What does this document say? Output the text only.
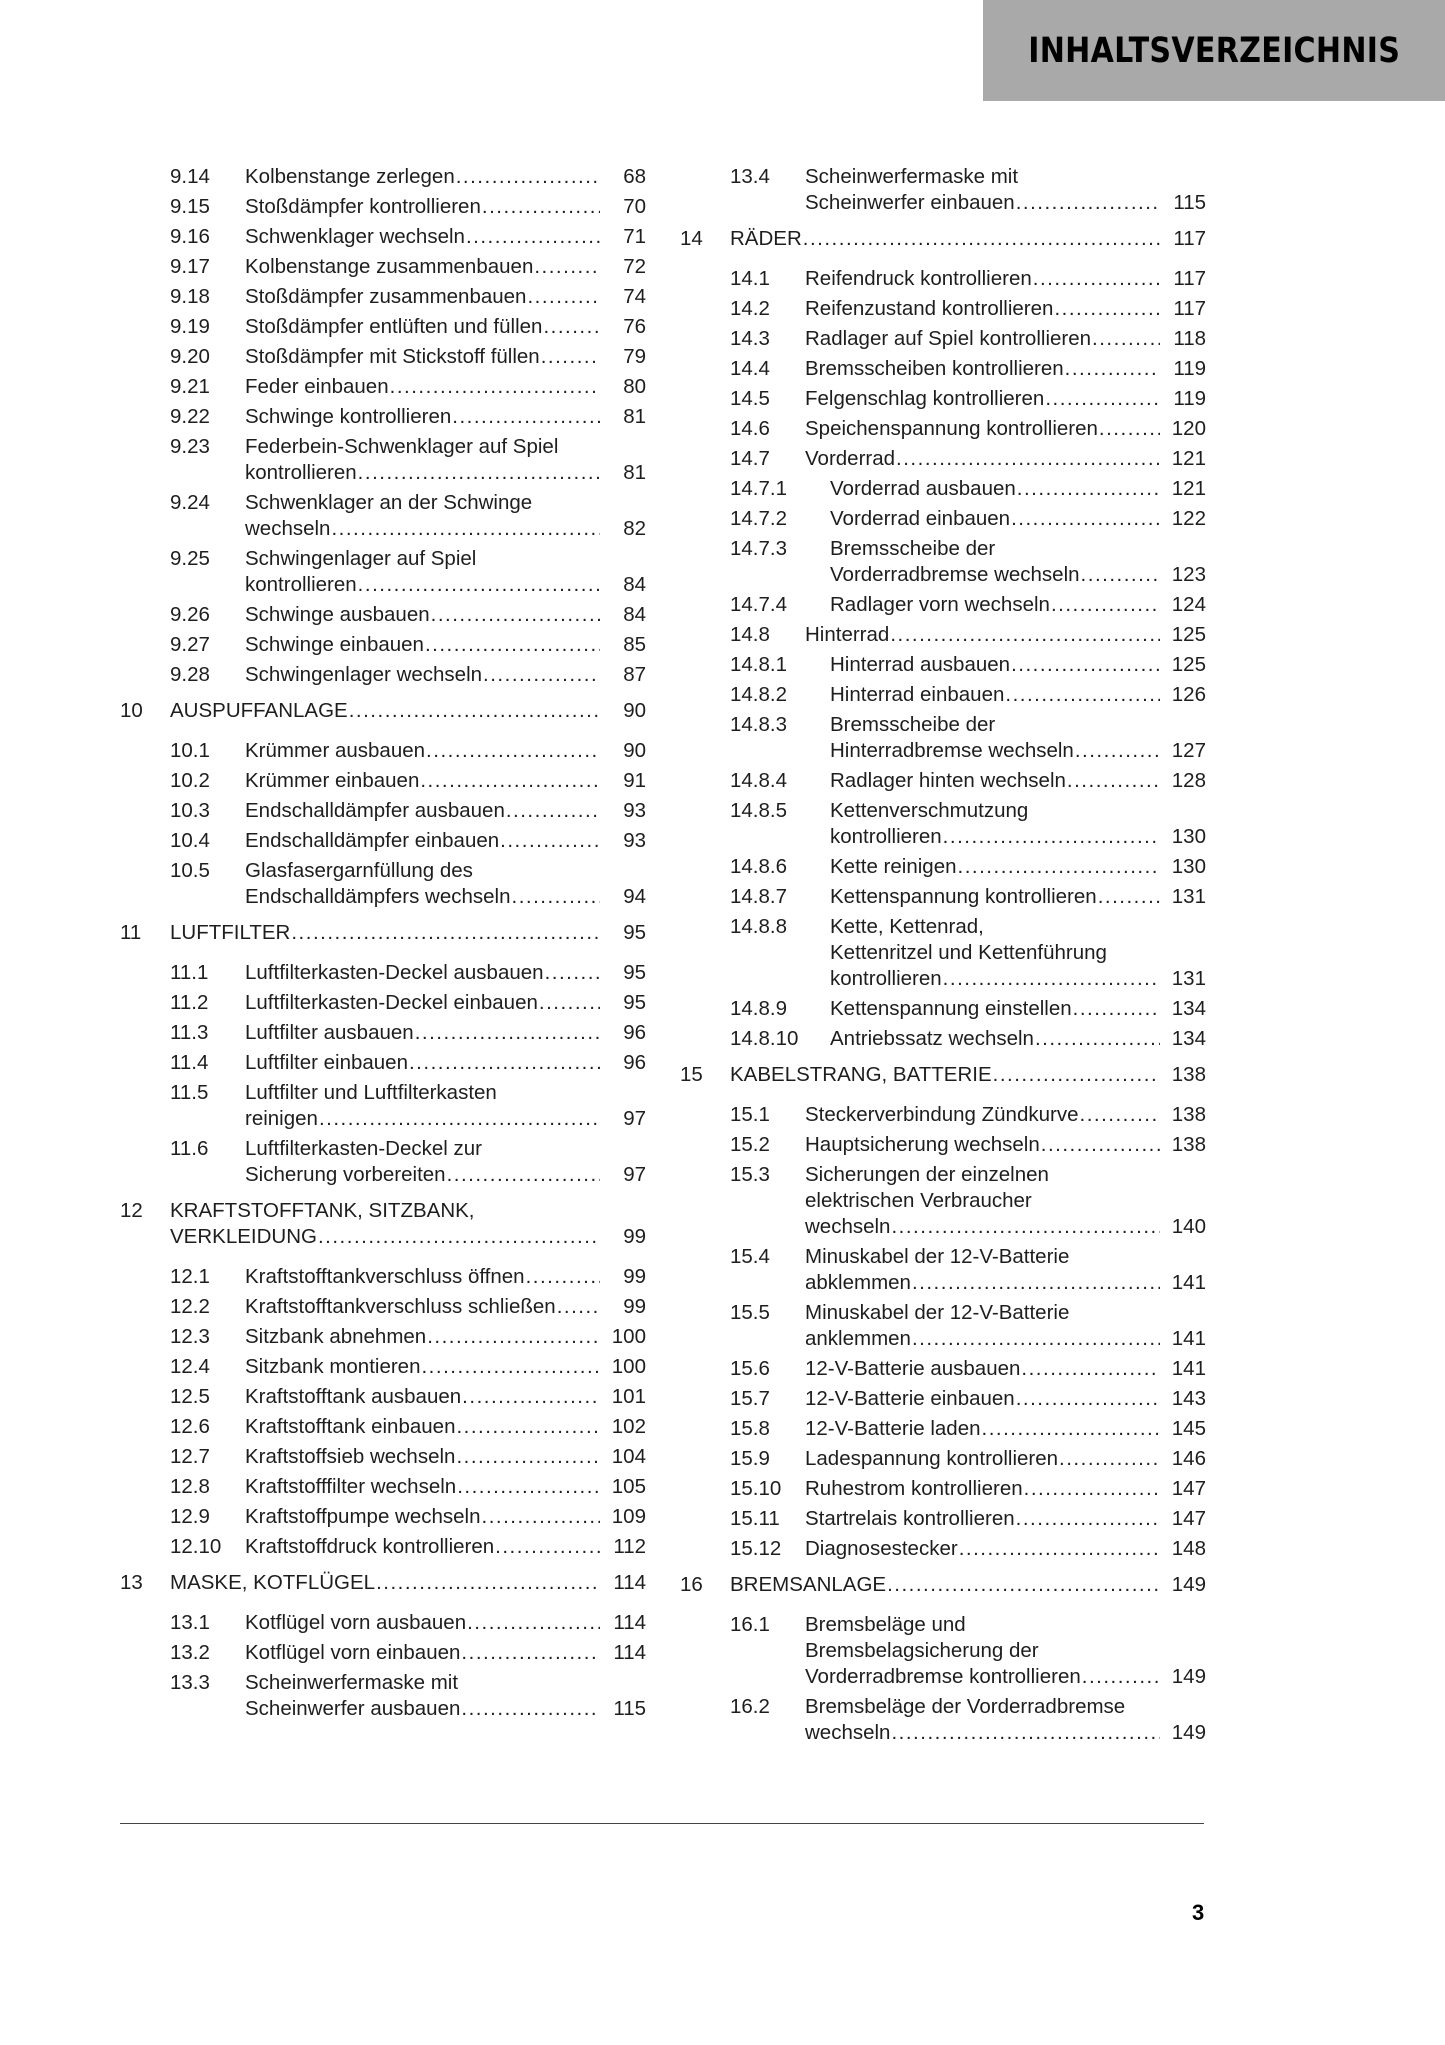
INHALTSVERZEICHNIS
9.14	Kolbenstange zerlegen .....	68
9.15	Stoßdämpfer kontrollieren .....	70
9.16	Schwenklager wechseln .....	71
9.17	Kolbenstange zusammenbauen .....	72
9.18	Stoßdämpfer zusammenbauen .....	74
9.19	Stoßdämpfer entlüften und füllen .....	76
9.20	Stoßdämpfer mit Stickstoff füllen .....	79
9.21	Feder einbauen .....	80
9.22	Schwinge kontrollieren .....	81
9.23	Federbein-Schwenklager auf Spiel
kontrollieren .....	81
9.24	Schwenklager an der Schwinge
wechseln .....	82
9.25	Schwingenlager auf Spiel
kontrollieren .....	84
9.26	Schwinge ausbauen .....	84
9.27	Schwinge einbauen .....	85
9.28	Schwingenlager wechseln .....	87
10	AUSPUFFANLAGE .....	90
10.1	Krümmer ausbauen .....	90
10.2	Krümmer einbauen .....	91
10.3	Endschalldämpfer ausbauen .....	93
10.4	Endschalldämpfer einbauen .....	93
10.5	Glasfasergarnfüllung des
Endschalldämpfers wechseln .....	94
11	LUFTFILTER .....	95
11.1	Luftfilterkasten-Deckel ausbauen .....	95
11.2	Luftfilterkasten-Deckel einbauen .....	95
11.3	Luftfilter ausbauen .....	96
11.4	Luftfilter einbauen .....	96
11.5	Luftfilter und Luftfilterkasten
reinigen .....	97
11.6	Luftfilterkasten-Deckel zur
Sicherung vorbereiten .....	97
12	KRAFTSTOFFTANK, SITZBANK,
VERKLEIDUNG .....	99
12.1	Kraftstofftankverschluss öffnen .....	99
12.2	Kraftstofftankverschluss schließen .....	99
12.3	Sitzbank abnehmen .....	100
12.4	Sitzbank montieren .....	100
12.5	Kraftstofftank ausbauen .....	101
12.6	Kraftstofftank einbauen .....	102
12.7	Kraftstoffsieb wechseln .....	104
12.8	Kraftstofffilter wechseln .....	105
12.9	Kraftstoffpumpe wechseln .....	109
12.10	Kraftstoffdruck kontrollieren .....	112
13	MASKE, KOTFLÜGEL .....	114
13.1	Kotflügel vorn ausbauen .....	114
13.2	Kotflügel vorn einbauen .....	114
13.3	Scheinwerfermaske mit
Scheinwerfer ausbauen .....	115
13.4	Scheinwerfermaske mit
Scheinwerfer einbauen .....	115
14	RÄDER .....	117
14.1	Reifendruck kontrollieren .....	117
14.2	Reifenzustand kontrollieren .....	117
14.3	Radlager auf Spiel kontrollieren .....	118
14.4	Bremsscheiben kontrollieren .....	119
14.5	Felgenschlag kontrollieren .....	119
14.6	Speichenspannung kontrollieren .....	120
14.7	Vorderrad .....	121
14.7.1	Vorderrad ausbauen .....	121
14.7.2	Vorderrad einbauen .....	122
14.7.3	Bremsscheibe der
Vorderradbremse wechseln .....	123
14.7.4	Radlager vorn wechseln .....	124
14.8	Hinterrad .....	125
14.8.1	Hinterrad ausbauen .....	125
14.8.2	Hinterrad einbauen .....	126
14.8.3	Bremsscheibe der
Hinterradbremse wechseln .....	127
14.8.4	Radlager hinten wechseln .....	128
14.8.5	Kettenverschmutzung
kontrollieren .....	130
14.8.6	Kette reinigen .....	130
14.8.7	Kettenspannung kontrollieren .....	131
14.8.8	Kette, Kettenrad,
Kettenritzel und Kettenführung
kontrollieren .....	131
14.8.9	Kettenspannung einstellen .....	134
14.8.10	Antriebssatz wechseln .....	134
15	KABELSTRANG, BATTERIE .....	138
15.1	Steckerverbindung Zündkurve .....	138
15.2	Hauptsicherung wechseln .....	138
15.3	Sicherungen der einzelnen
elektrischen Verbraucher
wechseln .....	140
15.4	Minuskabel der 12-V-Batterie
abklemmen .....	141
15.5	Minuskabel der 12-V-Batterie
anklemmen .....	141
15.6	12-V-Batterie ausbauen .....	141
15.7	12-V-Batterie einbauen .....	143
15.8	12-V-Batterie laden .....	145
15.9	Ladespannung kontrollieren .....	146
15.10	Ruhestrom kontrollieren .....	147
15.11	Startrelais kontrollieren .....	147
15.12	Diagnosestecker .....	148
16	BREMSANLAGE .....	149
16.1	Bremsbeläge und
Bremsbelagsicherung der
Vorderradbremse kontrollieren .....	149
16.2	Bremsbeläge der Vorderradbremse
wechseln .....	149
3
